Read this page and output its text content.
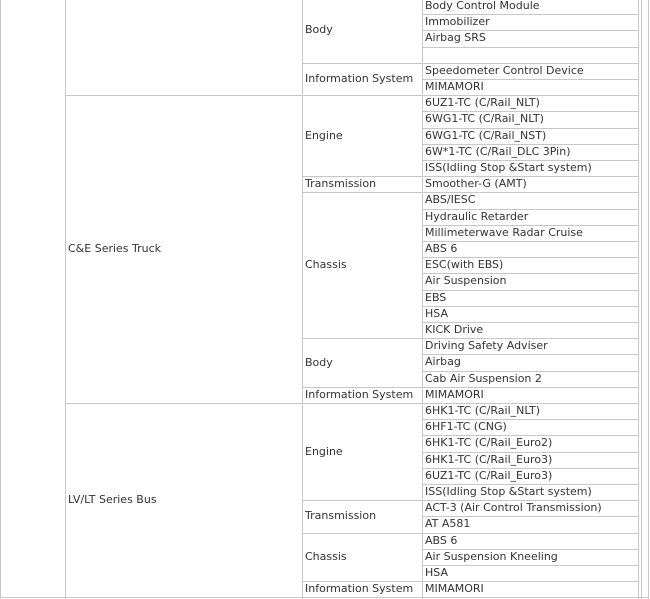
Body Control Module
Immobilizer
Airbag SRS
Body
Speedometer Control Device
MIMAMORI
Information System
6UZ1-TC (C/Rail_NLT)
6WG1-TC (C/Rail_NLT)
6WG1-TC (C/Rail_NST)
6W*1-TC (C/Rail_DLC 3Pin)
ISS(Idling Stop &Start system)
Engine
Smoother-G (AMT)
Transmission
ABS/IESC
Hydraulic Retarder
Millimeterwave Radar Cruise
ABS 6
ESC(with EBS)
Air Suspension
EBS
HSA
KICK Drive
Chassis
Driving Safety Adviser
Airbag
Cab Air Suspension 2
Body
MIMAMORI
Information System
C&E Series Truck
6HK1-TC (C/Rail_NLT)
6HF1-TC (CNG)
6HK1-TC (C/Rail_Euro2)
6HK1-TC (C/Rail_Euro3)
6UZ1-TC (C/Rail_Euro3)
ISS(Idling Stop &Start system)
Engine
ACT-3 (Air Control Transmission)
AT A581
Transmission
ABS 6
Air Suspension Kneeling
HSA
Chassis
MIMAMORI
Information System
LV/LT Series Bus
